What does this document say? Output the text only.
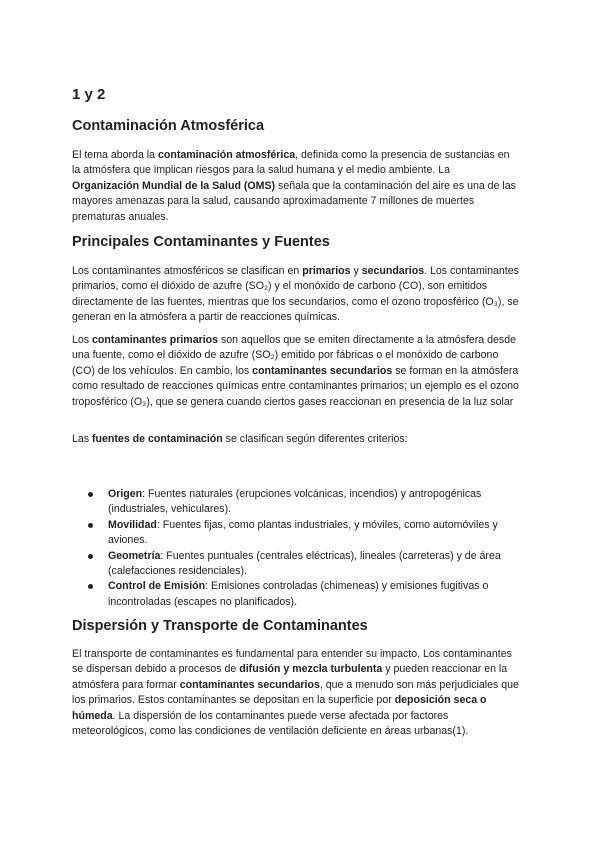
1 y 2
Contaminación Atmosférica

El tema aborda la contaminación atmosférica, definida como la presencia de sustancias en la atmósfera que implican riesgos para la salud humana y el medio ambiente. La Organización Mundial de la Salud (OMS) señala que la contaminación del aire es una de las mayores amenazas para la salud, causando aproximadamente 7 millones de muertes prematuras anuales.

Principales Contaminantes y Fuentes

Los contaminantes atmosféricos se clasifican en primarios y secundarios. Los contaminantes primarios, como el dióxido de azufre (SO₂) y el monóxido de carbono (CO), son emitidos directamente de las fuentes, mientras que los secundarios, como el ozono troposférico (O₃), se generan en la atmósfera a partir de reacciones químicas.

Los contaminantes primarios son aquellos que se emiten directamente a la atmósfera desde una fuente, como el dióxido de azufre (SO₂) emitido por fábricas o el monóxido de carbono (CO) de los vehículos. En cambio, los contaminantes secundarios se forman en la atmósfera como resultado de reacciones químicas entre contaminantes primarios; un ejemplo es el ozono troposférico (O₃), que se genera cuando ciertos gases reaccionan en presencia de la luz solar

Las fuentes de contaminación se clasifican según diferentes criterios:

Origen: Fuentes naturales (erupciones volcánicas, incendios) y antropogénicas (industriales, vehiculares).
Movilidad: Fuentes fijas, como plantas industriales, y móviles, como automóviles y aviones.
Geometría: Fuentes puntuales (centrales eléctricas), lineales (carreteras) y de área (calefacciones residenciales).
Control de Emisión: Emisiones controladas (chimeneas) y emisiones fugitivas o incontroladas (escapes no planificados).
Dispersión y Transporte de Contaminantes

El transporte de contaminantes es fundamental para entender su impacto. Los contaminantes se dispersan debido a procesos de difusión y mezcla turbulenta y pueden reaccionar en la atmósfera para formar contaminantes secundarios, que a menudo son más perjudiciales que los primarios. Estos contaminantes se depositan en la superficie por deposición seca o húmeda. La dispersión de los contaminantes puede verse afectada por factores meteorológicos, como las condiciones de ventilación deficiente en áreas urbanas(1).
